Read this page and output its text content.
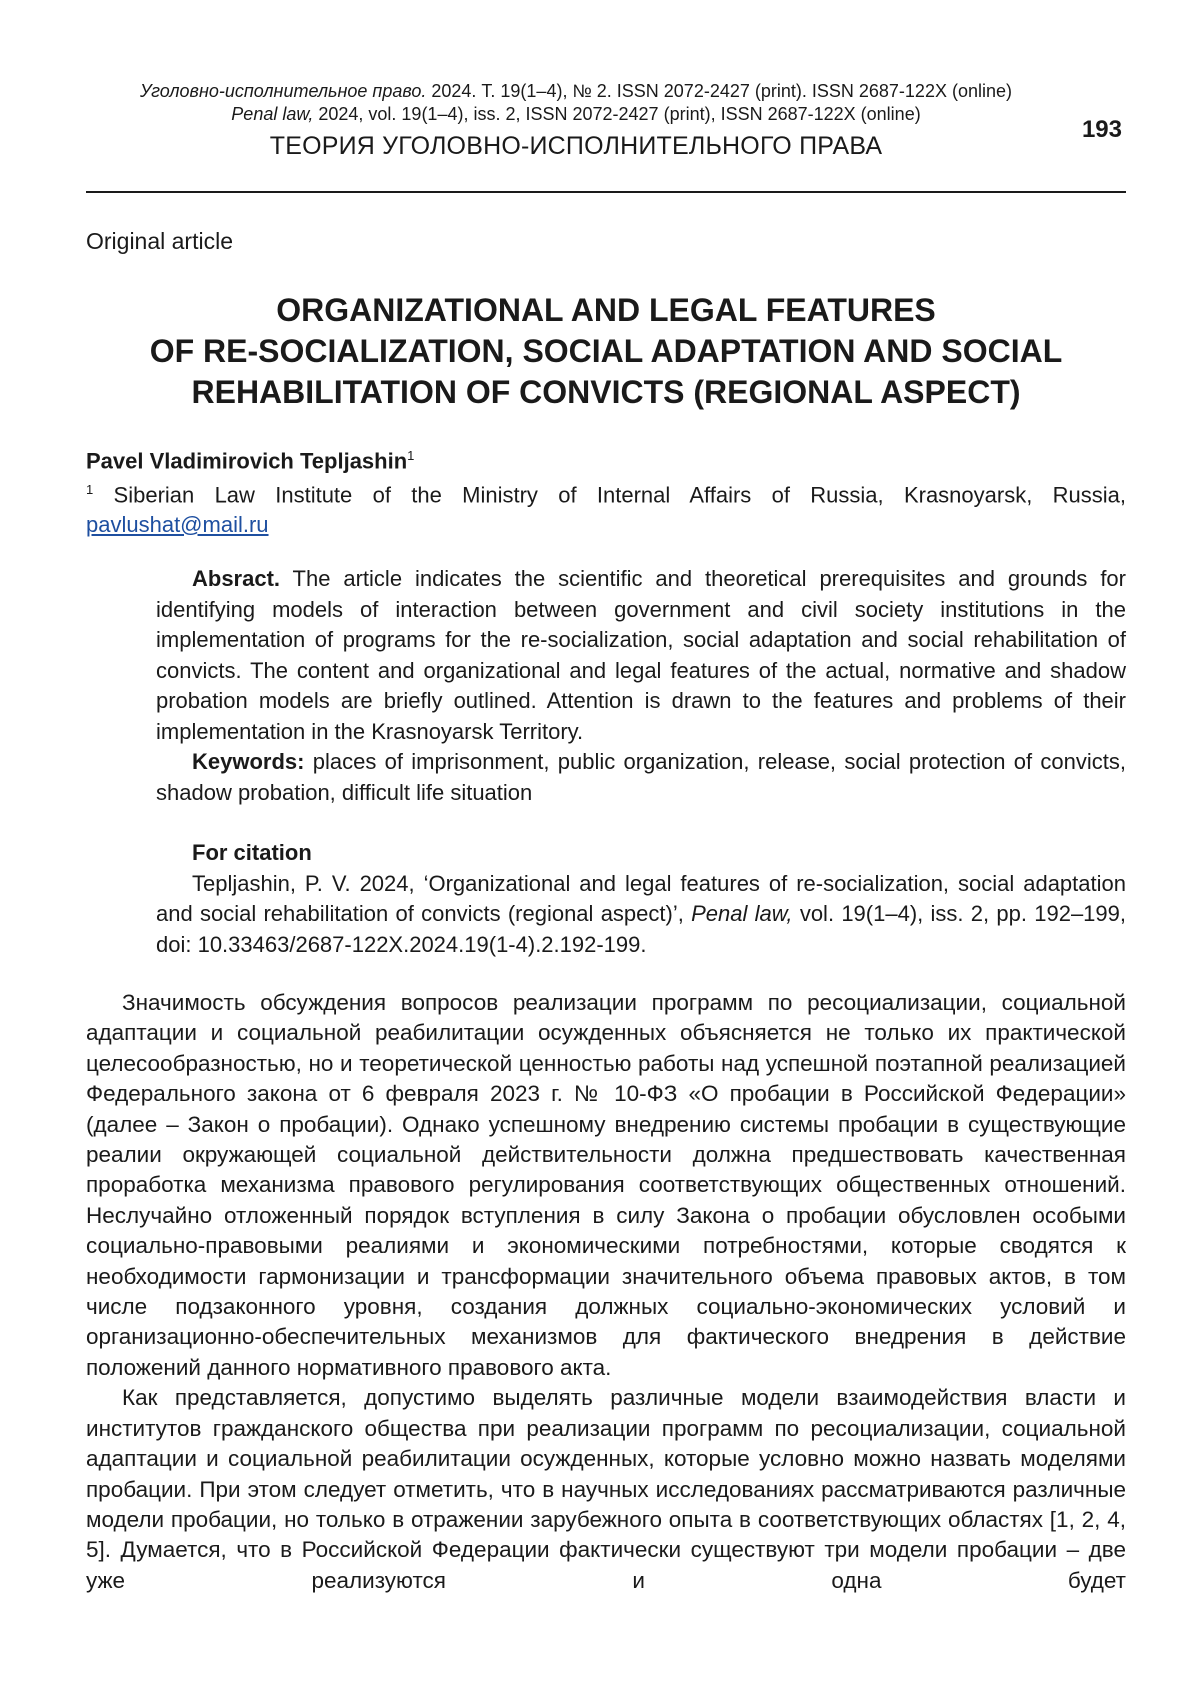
Уголовно-исполнительное право. 2024. Т. 19(1–4), № 2. ISSN 2072-2427 (print). ISSN 2687-122X (online)
Penal law, 2024, vol. 19(1–4), iss. 2, ISSN 2072-2427 (print), ISSN 2687-122X (online)
193
ТЕОРИЯ УГОЛОВНО-ИСПОЛНИТЕЛЬНОГО ПРАВА
Original article
ORGANIZATIONAL AND LEGAL FEATURES
OF RE-SOCIALIZATION, SOCIAL ADAPTATION AND SOCIAL
REHABILITATION OF CONVICTS (REGIONAL ASPECT)
Pavel Vladimirovich Tepljashin$^1$
$^1$ Siberian Law Institute of the Ministry of Internal Affairs of Russia, Krasnoyarsk, Russia,
pavlushat@mail.ru

Absract. The article indicates the scientific and theoretical prerequisites and grounds for identifying models of interaction between government and civil society institutions in the implementation of programs for the re-socialization, social adaptation and social rehabilitation of convicts. The content and organizational and legal features of the actual, normative and shadow probation models are briefly outlined. Attention is drawn to the features and problems of their implementation in the Krasnoyarsk Territory.

Keywords: places of imprisonment, public organization, release, social protection of convicts, shadow probation, difficult life situation

For citation

Tepljashin, P. V. 2024, ‘Organizational and legal features of re-socialization, social adaptation and social rehabilitation of convicts (regional aspect)’, Penal law, vol. 19(1–4), iss. 2, pp. 192–199, doi: 10.33463/2687-122X.2024.19(1-4).2.192-199.

Значимость обсуждения вопросов реализации программ по ресоциализации, социальной адаптации и социальной реабилитации осужденных объясняется не только их практической целесообразностью, но и теоретической ценностью работы над успешной поэтапной реализацией Федерального закона от 6 февраля 2023 г. № 10-ФЗ «О пробации в Российской Федерации» (далее – Закон о пробации). Однако успешному внедрению системы пробации в существующие реалии окружающей социальной действительности должна предшествовать качественная проработка механизма правового регулирования соответствующих общественных отношений. Неслучайно отложенный порядок вступления в силу Закона о пробации обусловлен особыми социально-правовыми реалиями и экономическими потребностями, которые сводятся к необходимости гармонизации и трансформации значительного объема правовых актов, в том числе подзаконного уровня, создания должных социально-экономических условий и организационно-обеспечительных механизмов для фактического внедрения в действие положений данного нормативного правового акта.

Как представляется, допустимо выделять различные модели взаимодействия власти и институтов гражданского общества при реализации программ по ресоциализации, социальной адаптации и социальной реабилитации осужденных, которые условно можно назвать моделями пробации. При этом следует отметить, что в научных исследованиях рассматриваются различные модели пробации, но только в отражении зарубежного опыта в соответствующих областях [1, 2, 4, 5]. Думается, что в Российской Федерации фактически существуют три модели пробации – две уже реализуются и одна будет
